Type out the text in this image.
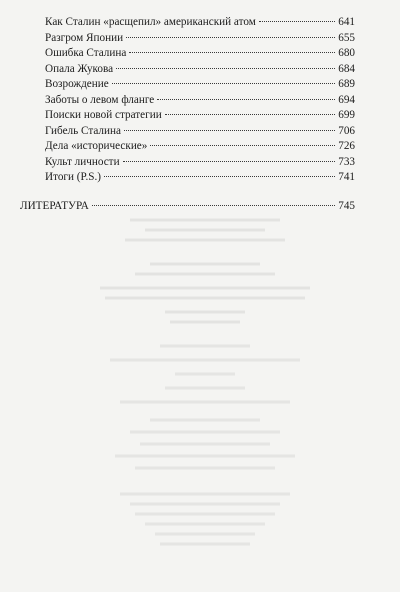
Как Сталин «расщепил» американский атом	641
Разгром Японии	655
Ошибка Сталина	680
Опала Жукова	684
Возрождение	689
Заботы о левом фланге	694
Поиски новой стратегии	699
Гибель Сталина	706
Дела «исторические»	726
Культ личности	733
Итоги (P.S.)	741
ЛИТЕРАТУРА	745
